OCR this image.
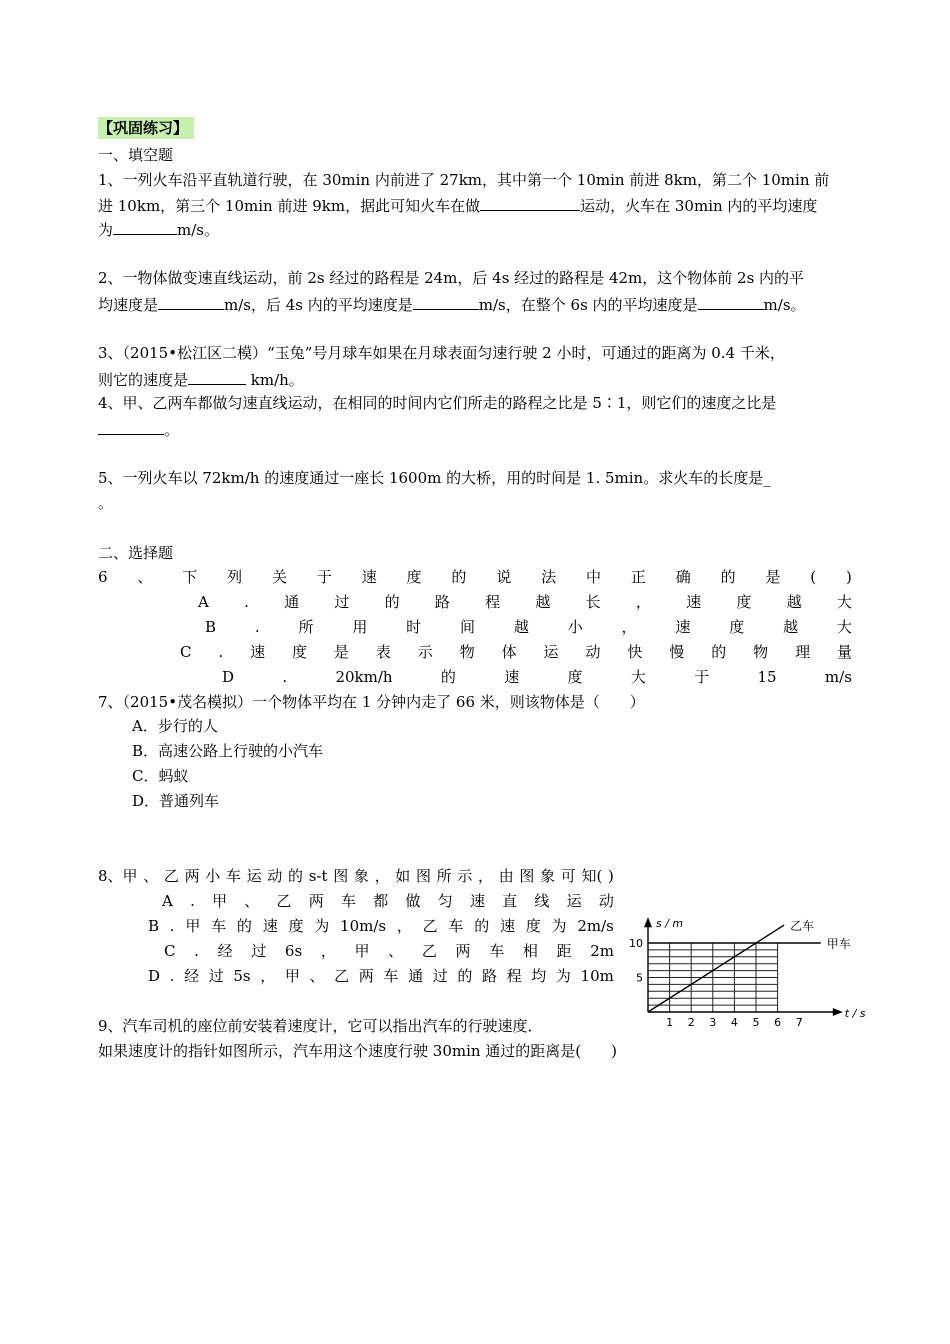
【巩固练习】
一、填空题
1、一列火车沿平直轨道行驶，在 30min 内前进了 27km，其中第一个 10min 前进 8km，第二个 10min 前
进 10km，第三个 10min 前进 9km，据此可知火车在做	运动，火车在 30min 内的平均速度
为	m/s。
2、一物体做变速直线运动，前 2s 经过的路程是 24m，后 4s 经过的路程是 42m，这个物体前 2s 内的平
均速度是	m/s，后 4s 内的平均速度是	m/s，在整个 6s 内的平均速度是	m/s。
3、（2015•松江区二模）“玉兔”号月球车如果在月球表面匀速行驶 2 小时，可通过的距离为 0.4 千米，
则它的速度是	km/h。
4、甲、乙两车都做匀速直线运动，在相同的时间内它们所走的路程之比是 5∶1，则它们的速度之比是
。
5、一列火车以 72km/h 的速度通过一座长 1600m 的大桥，用的时间是 1. 5min。求火车的长度是_
。
二、选择题
6 、 下 列 关 于 速 度 的 说 法 中 正 确 的 是 ( )
A . 通 过 的 路 程 越 长 ， 速 度 越 大
B	.	所	用	时	间	越	小	，	速	度	越	大
C . 速 度 是 表 示 物 体 运 动 快 慢 的 物 理 量
D	.	20km/h	的	速	度	大	于	15	m/s
7、（2015•茂名模拟）一个物体平均在 1 分钟内走了 66 米，则该物体是（　　）
A．步行的人
B．高速公路上行驶的小汽车
C．蚂蚁
D．普通列车
8、甲 、 乙 两 小 车 运 动 的 s-t 图 象 ， 如 图 所 示 ， 由 图 象 可 知( )
A . 甲 、 乙 两 车 都 做 匀 速 直 线 运 动
B . 甲 车 的 速 度 为 10m/s ， 乙 车 的 速 度 为 2m/s
C . 经 过 6s ， 甲 、 乙 两 车 相 距 2m
D . 经 过 5s ， 甲 、 乙 两 车 通 过 的 路 程 均 为 10m
9、汽车司机的座位前安装着速度计，它可以指出汽车的行驶速度．
如果速度计的指针如图所示，汽车用这个速度行驶 30min 通过的距离是(　　)
甲车
乙车
1 2 3 4 5 6 7
5
10
s / m
t / s
